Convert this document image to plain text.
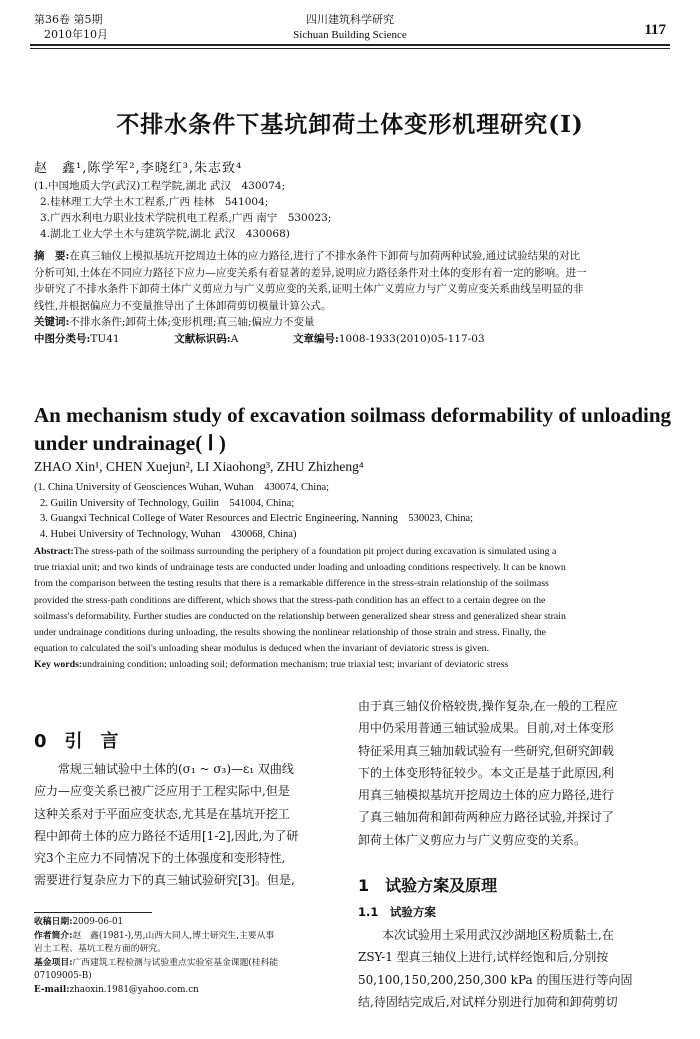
第36卷 第5期
2010年10月
四川建筑科学研究
Sichuan Building Science	117
不排水条件下基坑卸荷土体变形机理研究(Ⅰ)
赵　鑫¹,陈学军²,李晓红³,朱志致⁴
(1.中国地质大学(武汉)工程学院,湖北 武汉　430074;
2.桂林理工大学土木工程系,广西 桂林　541004;
3.广西水利电力职业技术学院机电工程系,广西 南宁　530023;
4.湖北工业大学土木与建筑学院,湖北 武汉　430068)
摘　要:在真三轴仪上模拟基坑开挖周边土体的应力路径,进行了不排水条件下卸荷与加荷两种试验,通过试验结果的对比
分析可知,土体在不同应力路径下应力—应变关系有着显著的差异,说明应力路径条件对土体的变形有着一定的影响。进一
步研究了不排水条件下卸荷土体广义剪应力与广义剪应变的关系,证明土体广义剪应力与广义剪应变关系曲线呈明显的非
线性,并根据偏应力不变量推导出了土体卸荷剪切模量计算公式。
关键词:不排水条件;卸荷土体;变形机理;真三轴;偏应力不变量
中图分类号:TU41	文献标识码:A	文章编号:1008-1933(2010)05-117-03
An mechanism study of excavation soilmass deformability of unloading
under undrainage( Ⅰ )
ZHAO Xin¹, CHEN Xuejun², LI Xiaohong³, ZHU Zhizheng⁴
(1. China University of Geosciences Wuhan, Wuhan　430074, China;
2. Guilin University of Technology, Guilin　541004, China;
3. Guangxi Technical College of Water Resources and Electric Engineering, Nanning　530023, China;
4. Hubei University of Technology, Wuhan　430068, China)
Abstract:The stress-path of the soilmass surrounding the periphery of a foundation pit project during excavation is simulated using a
true triaxial unit; and two kinds of undrainage tests are conducted under loading and unloading conditions respectively. It can be known
from the comparison between the testing results that there is a remarkable difference in the stress-strain relationship of the soilmass
provided the stress-path conditions are different, which shows that the stress-path condition has an effect to a certain degree on the
soilmass's deformability. Further studies are conducted on the relationship between generalized shear stress and generalized shear strain
under undrainage conditions during unloading, the results showing the nonlinear relationship of those strain and stress. Finally, the
equation to calculated the soil's unloading shear modulus is deduced when the invariant of deviatoric stress is given.
Key words:undraining condition; unloading soil; deformation mechanism; true triaxial test; invariant of deviatoric stress
0　引　言
　　常规三轴试验中土体的(σ₁ ~ σ₃)—ε₁ 双曲线
应力—应变关系已被广泛应用于工程实际中,但是
这种关系对于平面应变状态,尤其是在基坑开挖工
程中卸荷土体的应力路径不适用[1-2],因此,为了研
究3个主应力不同情况下的土体强度和变形特性,
需要进行复杂应力下的真三轴试验研究[3]。但是,
收稿日期:2009-06-01
作者简介:赵　鑫(1981-),男,山西大同人,博士研究生,主要从事
岩土工程、基坑工程方面的研究。
基金项目:广西建筑工程检测与试验重点实验室基金课题(桂科能
07109005-B)
E-mail:zhaoxin.1981@yahoo.com.cn
由于真三轴仪价格较贵,操作复杂,在一般的工程应
用中仍采用普通三轴试验成果。目前,对土体变形
特征采用真三轴加载试验有一些研究,但研究卸载
下的土体变形特征较少。本文正是基于此原因,利
用真三轴模拟基坑开挖周边土体的应力路径,进行
了真三轴加荷和卸荷两种应力路径试验,并探讨了
卸荷土体广义剪应力与广义剪应变的关系。
1　试验方案及原理
1.1　试验方案
　　本次试验用土采用武汉沙湖地区粉质黏土,在
ZSY-1 型真三轴仪上进行,试样经饱和后,分别按
50,100,150,200,250,300 kPa 的围压进行等向固
结,待固结完成后,对试样分别进行加荷和卸荷剪切
